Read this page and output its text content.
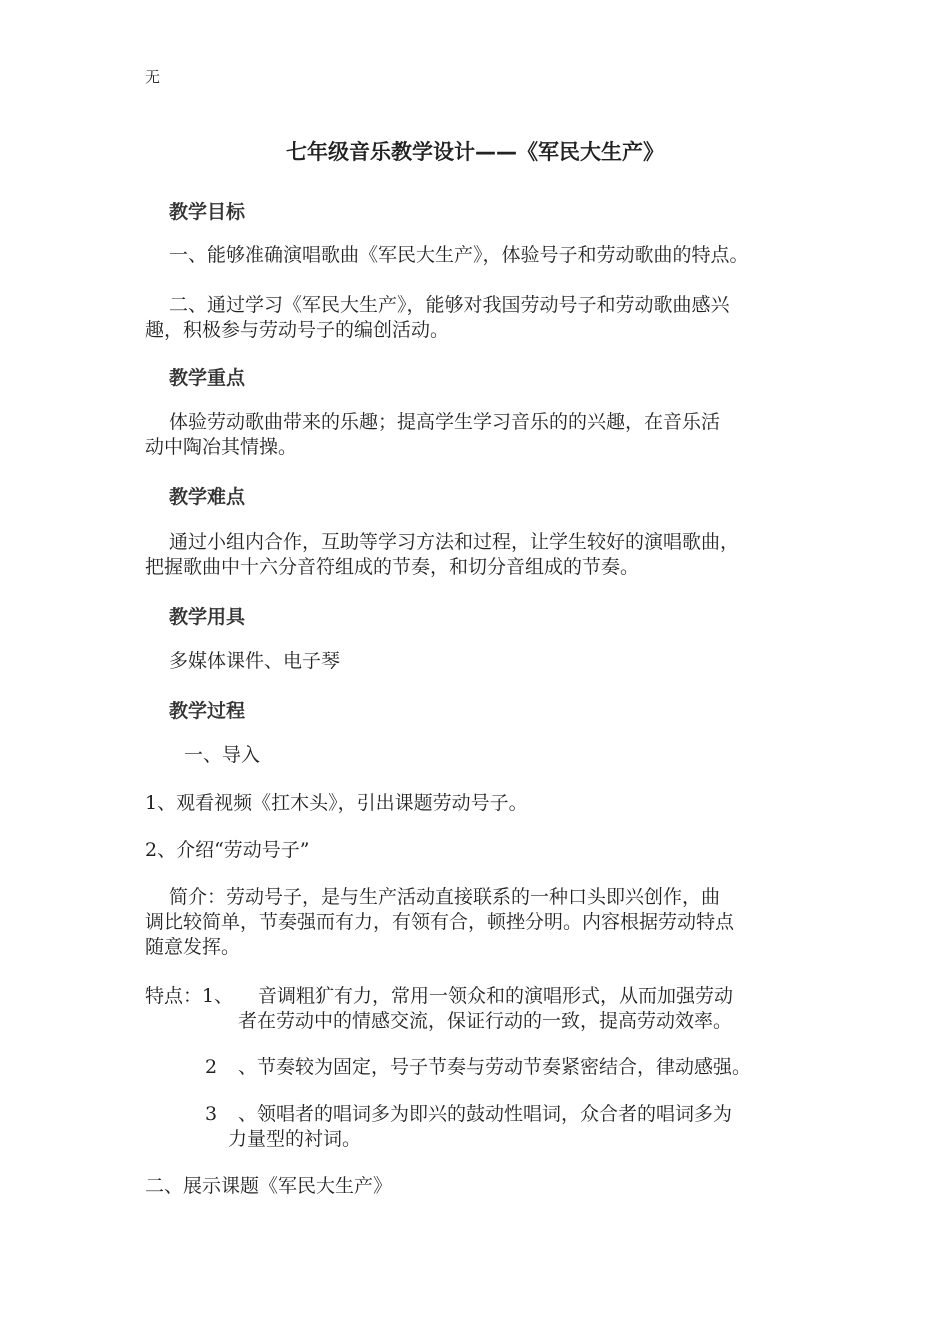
无
七年级音乐教学设计——《军民大生产》
教学目标
一、能够准确演唱歌曲《军民大生产》，体验号子和劳动歌曲的特点。
二、通过学习《军民大生产》，能够对我国劳动号子和劳动歌曲感兴
趣，积极参与劳动号子的编创活动。
教学重点
体验劳动歌曲带来的乐趣；提高学生学习音乐的的兴趣，在音乐活
动中陶冶其情操。
教学难点
通过小组内合作，互助等学习方法和过程，让学生较好的演唱歌曲，
把握歌曲中十六分音符组成的节奏，和切分音组成的节奏。
教学用具
多媒体课件、电子琴
教学过程
一、导入
1、观看视频《扛木头》，引出课题劳动号子。
2、介绍“劳动号子”
简介：劳动号子，是与生产活动直接联系的一种口头即兴创作，曲
调比较简单，节奏强而有力，有领有合，顿挫分明。内容根据劳动特点
随意发挥。
特点：1、 音调粗犷有力，常用一领众和的演唱形式，从而加强劳动
者在劳动中的情感交流，保证行动的一致，提高劳动效率。
2 、节奏较为固定，号子节奏与劳动节奏紧密结合，律动感强。
3 、领唱者的唱词多为即兴的鼓动性唱词，众合者的唱词多为
力量型的衬词。
二、展示课题《军民大生产》
